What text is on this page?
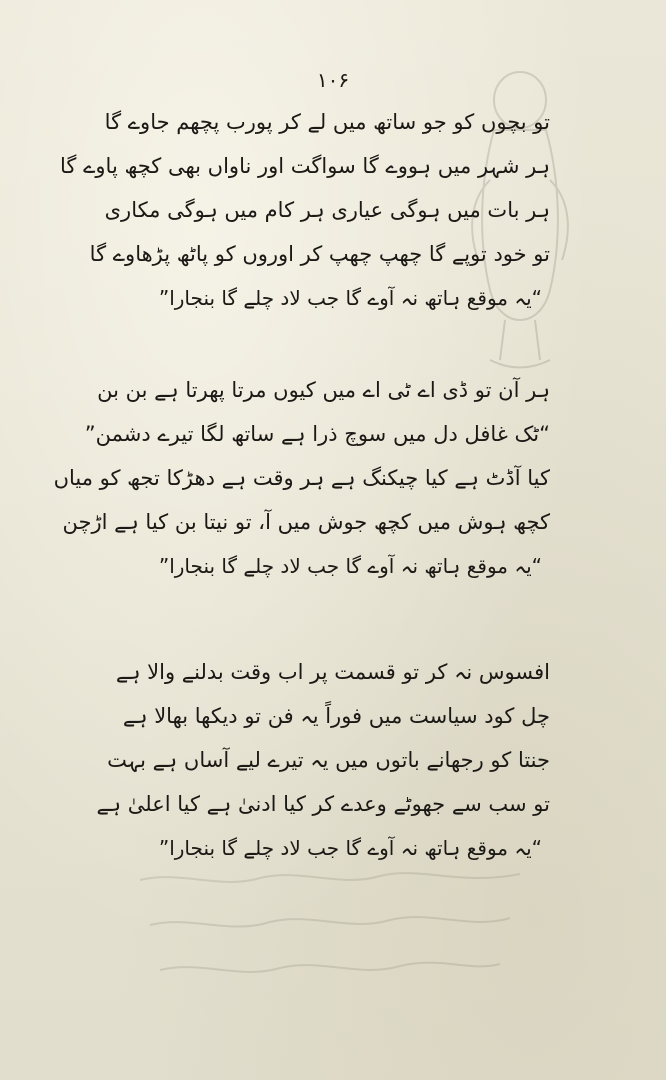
۱۰۶
تو بچوں کو جو ساتھ میں لے کر پورب پچھم جاوے گا
ہر شہر میں ہووے گا سواگت اور ناواں بھی کچھ پاوے گا
ہر بات میں ہوگی عیاری ہر کام میں ہوگی مکاری
تو خود توپے گا چھپ چھپ کر اوروں کو پاٹھ پڑھاوے گا
“یہ موقع ہاتھ نہ آوے گا جب لاد چلے گا بنجارا”
ہر آن تو ڈی اے ٹی اے میں کیوں مرتا پھرتا ہے بن بن
“ٹک غافل دل میں سوچ ذرا ہے ساتھ لگا تیرے دشمن”
کیا آڈٹ ہے کیا چیکنگ ہے ہر وقت ہے دھڑکا تجھ کو میاں
کچھ ہوش میں کچھ جوش میں آ، تو نیتا بن کیا ہے اڑچن
“یہ موقع ہاتھ نہ آوے گا جب لاد چلے گا بنجارا”
افسوس نہ کر تو قسمت پر اب وقت بدلنے والا ہے
چل کود سیاست میں فوراً یہ فن تو دیکھا بھالا ہے
جنتا کو رجھانے باتوں میں یہ تیرے لیے آساں ہے بہت
تو سب سے جھوٹے وعدے کر کیا ادنیٰ ہے کیا اعلیٰ ہے
“یہ موقع ہاتھ نہ آوے گا جب لاد چلے گا بنجارا”
